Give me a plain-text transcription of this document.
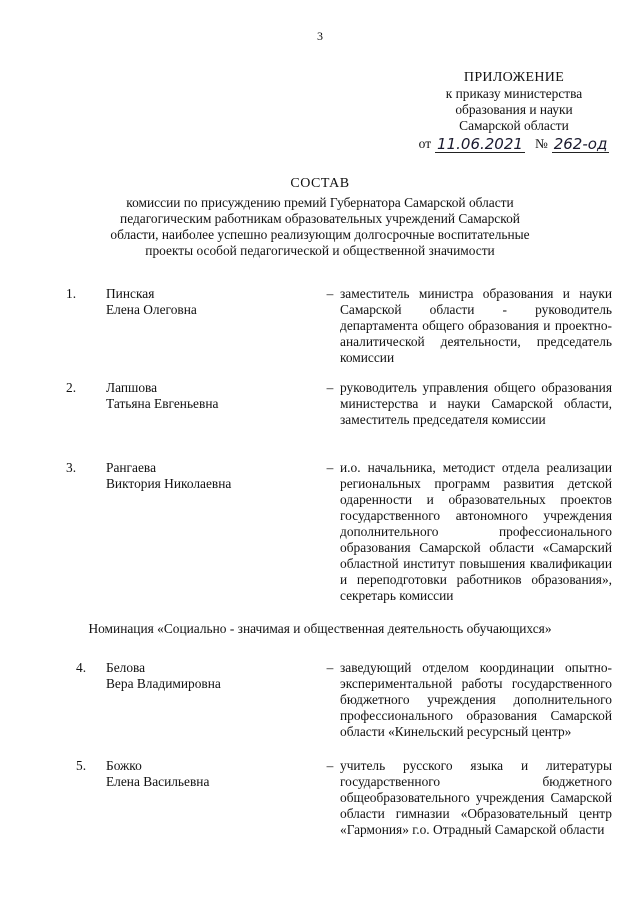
3
ПРИЛОЖЕНИЕ
к приказу министерства
образования и науки
Самарской области
от 11.06.2021 № 262-од
СОСТАВ
комиссии по присуждению премий Губернатора Самарской области
педагогическим работникам образовательных учреждений Самарской
области, наиболее успешно реализующим долгосрочные воспитательные
проекты особой педагогической и общественной значимости
1.	Пинская
Елена Олеговна
– заместитель министра образования и науки Самарской области - руководитель департамента общего образования и проектно-аналитической деятельности, председатель комиссии
2.	Лапшова
Татьяна Евгеньевна
– руководитель управления общего образования министерства и науки Самарской области, заместитель председателя комиссии
3.	Рангаева
Виктория Николаевна
– и.о. начальника, методист отдела реализации региональных программ развития детской одаренности и образовательных проектов государственного автономного учреждения дополнительного профессионального образования Самарской области «Самарский областной институт повышения квалификации и переподготовки работников образования», секретарь комиссии
Номинация «Социально - значимая и общественная деятельность обучающихся»
4.	Белова
Вера Владимировна
– заведующий отделом координации опытно-экспериментальной работы государственного бюджетного учреждения дополнительного профессионального образования Самарской области «Кинельский ресурсный центр»
5.	Божко
Елена Васильевна
– учитель русского языка и литературы государственного бюджетного общеобразовательного учреждения Самарской области гимназии «Образовательный центр «Гармония» г.о. Отрадный Самарской области
